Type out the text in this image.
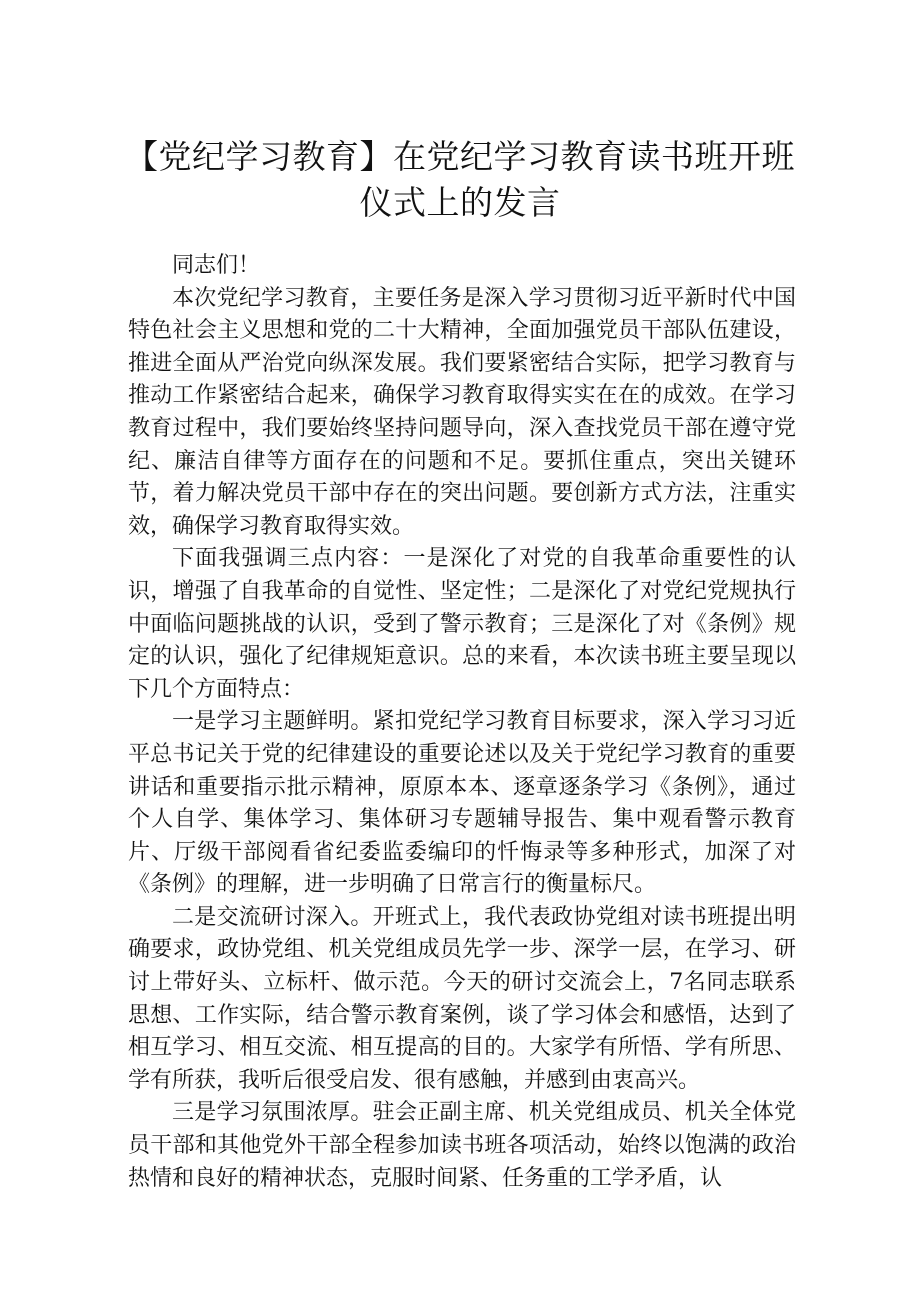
【党纪学习教育】在党纪学习教育读书班开班仪式上的发言

同志们！

本次党纪学习教育，主要任务是深入学习贯彻习近平新时代中国特色社会主义思想和党的二十大精神，全面加强党员干部队伍建设，推进全面从严治党向纵深发展。我们要紧密结合实际，把学习教育与推动工作紧密结合起来，确保学习教育取得实实在在的成效。在学习教育过程中，我们要始终坚持问题导向，深入查找党员干部在遵守党纪、廉洁自律等方面存在的问题和不足。要抓住重点，突出关键环节，着力解决党员干部中存在的突出问题。要创新方式方法，注重实效，确保学习教育取得实效。

下面我强调三点内容：一是深化了对党的自我革命重要性的认识，增强了自我革命的自觉性、坚定性；二是深化了对党纪党规执行中面临问题挑战的认识，受到了警示教育；三是深化了对《条例》规定的认识，强化了纪律规矩意识。总的来看，本次读书班主要呈现以下几个方面特点：

一是学习主题鲜明。紧扣党纪学习教育目标要求，深入学习习近平总书记关于党的纪律建设的重要论述以及关于党纪学习教育的重要讲话和重要指示批示精神，原原本本、逐章逐条学习《条例》，通过个人自学、集体学习、集体研习专题辅导报告、集中观看警示教育片、厅级干部阅看省纪委监委编印的忏悔录等多种形式，加深了对《条例》的理解，进一步明确了日常言行的衡量标尺。

二是交流研讨深入。开班式上，我代表政协党组对读书班提出明确要求，政协党组、机关党组成员先学一步、深学一层，在学习、研讨上带好头、立标杆、做示范。今天的研讨交流会上，7名同志联系思想、工作实际，结合警示教育案例，谈了学习体会和感悟，达到了相互学习、相互交流、相互提高的目的。大家学有所悟、学有所思、学有所获，我听后很受启发、很有感触，并感到由衷高兴。

三是学习氛围浓厚。驻会正副主席、机关党组成员、机关全体党员干部和其他党外干部全程参加读书班各项活动，始终以饱满的政治热情和良好的精神状态，克服时间紧、任务重的工学矛盾，认
